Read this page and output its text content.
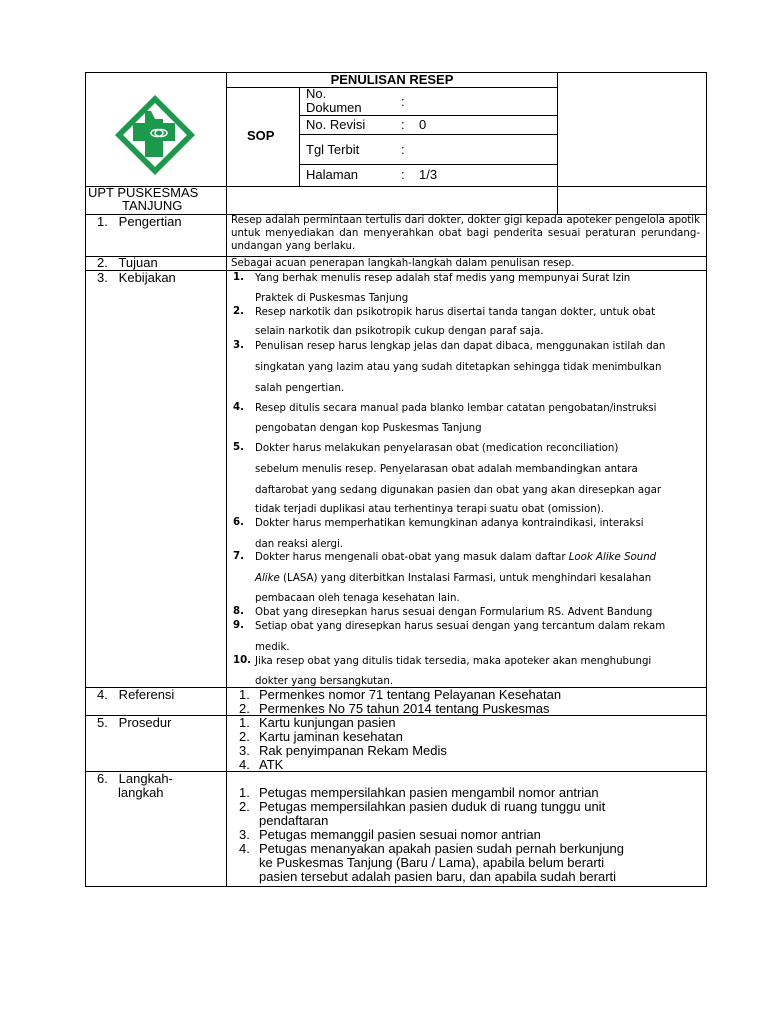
PENULISAN RESEP
SOP
UPT PUSKESMAS
TANJUNG
No.
Dokumen	:
No. Revisi	: 0
Tgl Terbit	:
Halaman	: 1/3
1.   Pengertian	Resep adalah permintaan tertulis dari dokter, dokter gigi kepada apoteker pengelola apotik untuk menyediakan dan menyerahkan obat bagi penderita sesuai peraturan perundang-undangan yang berlaku.
2.   Tujuan	Sebagai acuan penerapan langkah-langkah dalam penulisan resep.
3.   Kebijakan	1. Yang berhak menulis resep adalah staf medis yang mempunyai Surat Izin
Praktek di Puskesmas Tanjung
2. Resep narkotik dan psikotropik harus disertai tanda tangan dokter, untuk obat
selain narkotik dan psikotropik cukup dengan paraf saja.
3. Penulisan resep harus lengkap jelas dan dapat dibaca, menggunakan istilah dan
singkatan yang lazim atau yang sudah ditetapkan sehingga tidak menimbulkan
salah pengertian.
4. Resep ditulis secara manual pada blanko lembar catatan pengobatan/instruksi
pengobatan dengan kop Puskesmas Tanjung
5. Dokter harus melakukan penyelarasan obat (medication reconciliation)
sebelum menulis resep. Penyelarasan obat adalah membandingkan antara
daftarobat yang sedang digunakan pasien dan obat yang akan diresepkan agar
tidak terjadi duplikasi atau terhentinya terapi suatu obat (omission).
6. Dokter harus memperhatikan kemungkinan adanya kontraindikasi, interaksi
dan reaksi alergi.
7. Dokter harus mengenali obat-obat yang masuk dalam daftar Look Alike Sound
Alike (LASA) yang diterbitkan Instalasi Farmasi, untuk menghindari kesalahan
pembacaan oleh tenaga kesehatan lain.
8. Obat yang diresepkan harus sesuai dengan Formularium RS. Advent Bandung
9. Setiap obat yang diresepkan harus sesuai dengan yang tercantum dalam rekam
medik.
10. Jika resep obat yang ditulis tidak tersedia, maka apoteker akan menghubungi
dokter yang bersangkutan.
4.   Referensi	1. Permenkes nomor 71 tentang Pelayanan Kesehatan
2. Permenkes No 75 tahun 2014 tentang Puskesmas
5.   Prosedur	1. Kartu kunjungan pasien
2. Kartu jaminan kesehatan
3. Rak penyimpanan Rekam Medis
4. ATK
6.   Langkah-
langkah	1. Petugas mempersilahkan pasien mengambil nomor antrian
2. Petugas mempersilahkan pasien duduk di ruang tunggu unit
pendaftaran
3. Petugas memanggil pasien sesuai nomor antrian
4. Petugas menanyakan apakah pasien sudah pernah berkunjung
ke Puskesmas Tanjung (Baru / Lama), apabila belum berarti
pasien tersebut adalah pasien baru, dan apabila sudah berarti
